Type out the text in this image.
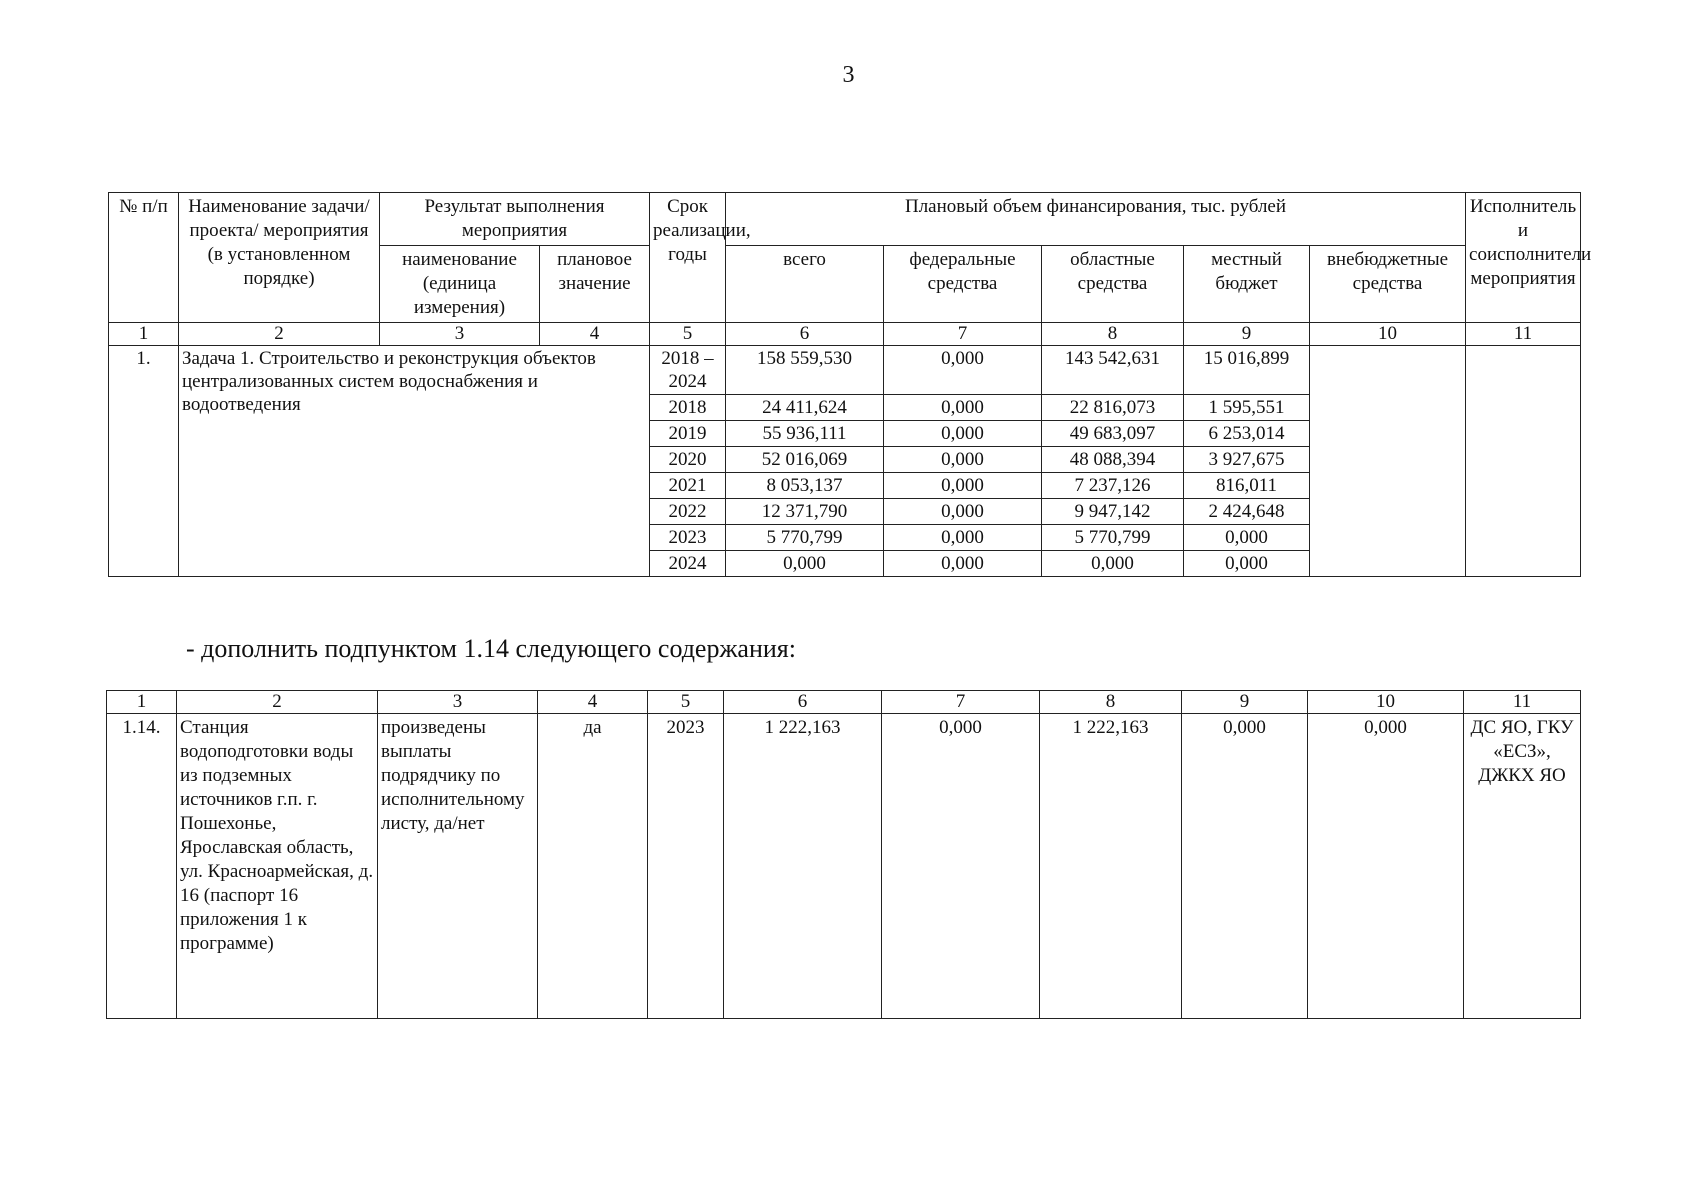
3
№ п/п	Наименование задачи/проекта/ мероприятия (в установленном порядке)	Результат выполнения мероприятия		Срок реализации, годы	Плановый объем финансирования, тыс. рублей					Исполнитель и соисполнители мероприятия
		наименование (единица измерения)	плановое значение		всего	федеральные средства	областные средства	местный бюджет	внебюджетные средства	
1	2	3	4	5	6	7	8	9	10	11
1.	Задача 1. Строительство и реконструкция объектов централизованных систем водоснабжения и водоотведения			2018 – 2024	158 559,530	0,000	143 542,631	15 016,899		
				2018	24 411,624	0,000	22 816,073	1 595,551		
				2019	55 936,111	0,000	49 683,097	6 253,014		
				2020	52 016,069	0,000	48 088,394	3 927,675		
				2021	8 053,137	0,000	7 237,126	816,011		
				2022	12 371,790	0,000	9 947,142	2 424,648		
				2023	5 770,799	0,000	5 770,799	0,000		
				2024	0,000	0,000	0,000	0,000		
- дополнить подпунктом 1.14 следующего содержания:
1	2	3	4	5	6	7	8	9	10	11
1.14.	Станция водоподготовки воды из подземных источников г.п. г. Пошехонье, Ярославская область, ул. Красноармейская, д. 16 (паспорт 16 приложения 1 к программе)	произведены выплаты подрядчику по исполнительному листу, да/нет	да	2023	1 222,163	0,000	1 222,163	0,000	0,000	ДС ЯО, ГКУ «ЕСЗ», ДЖКХ ЯО
